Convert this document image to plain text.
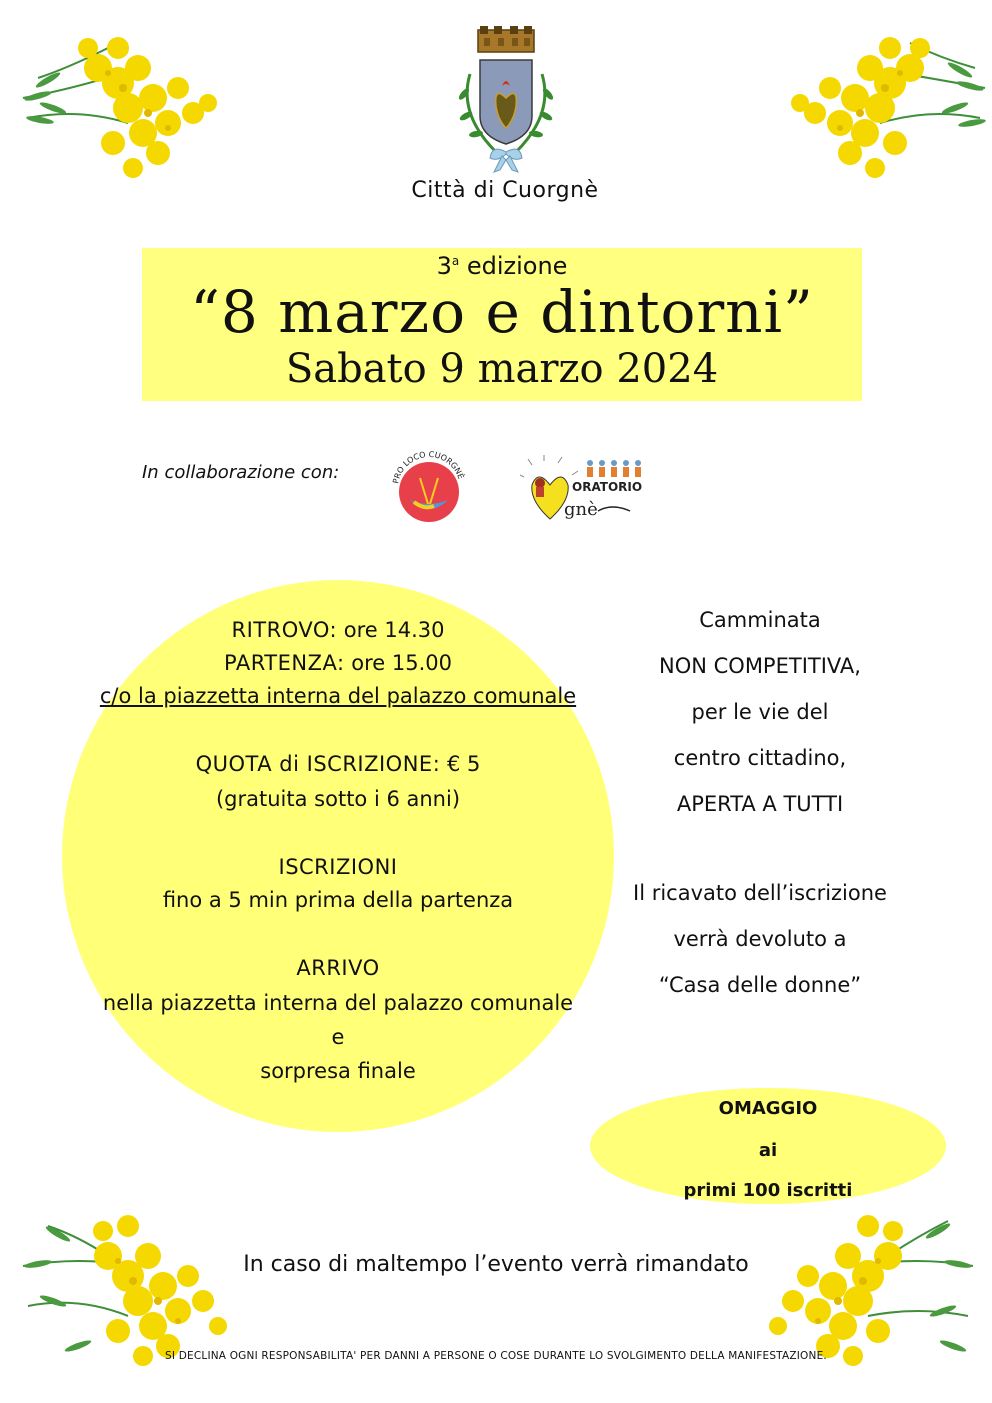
Città di Cuorgnè
3$^a$ edizione
“8 marzo e dintorni”
Sabato 9 marzo 2024
In collaborazione con:	PRO LOCO CUORGNÈ
ORATORIO
gnè
RITROVO: ore 14.30
PARTENZA: ore 15.00
c/o la piazzetta interna del palazzo comunale
QUOTA di ISCRIZIONE: € 5
(gratuita sotto i 6 anni)
ISCRIZIONI
fino a 5 min prima della partenza
ARRIVO
nella piazzetta interna del palazzo comunale
e
sorpresa finale
Camminata
NON COMPETITIVA,
per le vie del
centro cittadino,
APERTA A TUTTI
Il ricavato dell’iscrizione
verrà devoluto a
“Casa delle donne”
OMAGGIO
ai
primi 100 iscritti
In caso di maltempo l’evento verrà rimandato
SI DECLINA OGNI RESPONSABILITA' PER DANNI A PERSONE O COSE DURANTE LO SVOLGIMENTO DELLA MANIFESTAZIONE.
